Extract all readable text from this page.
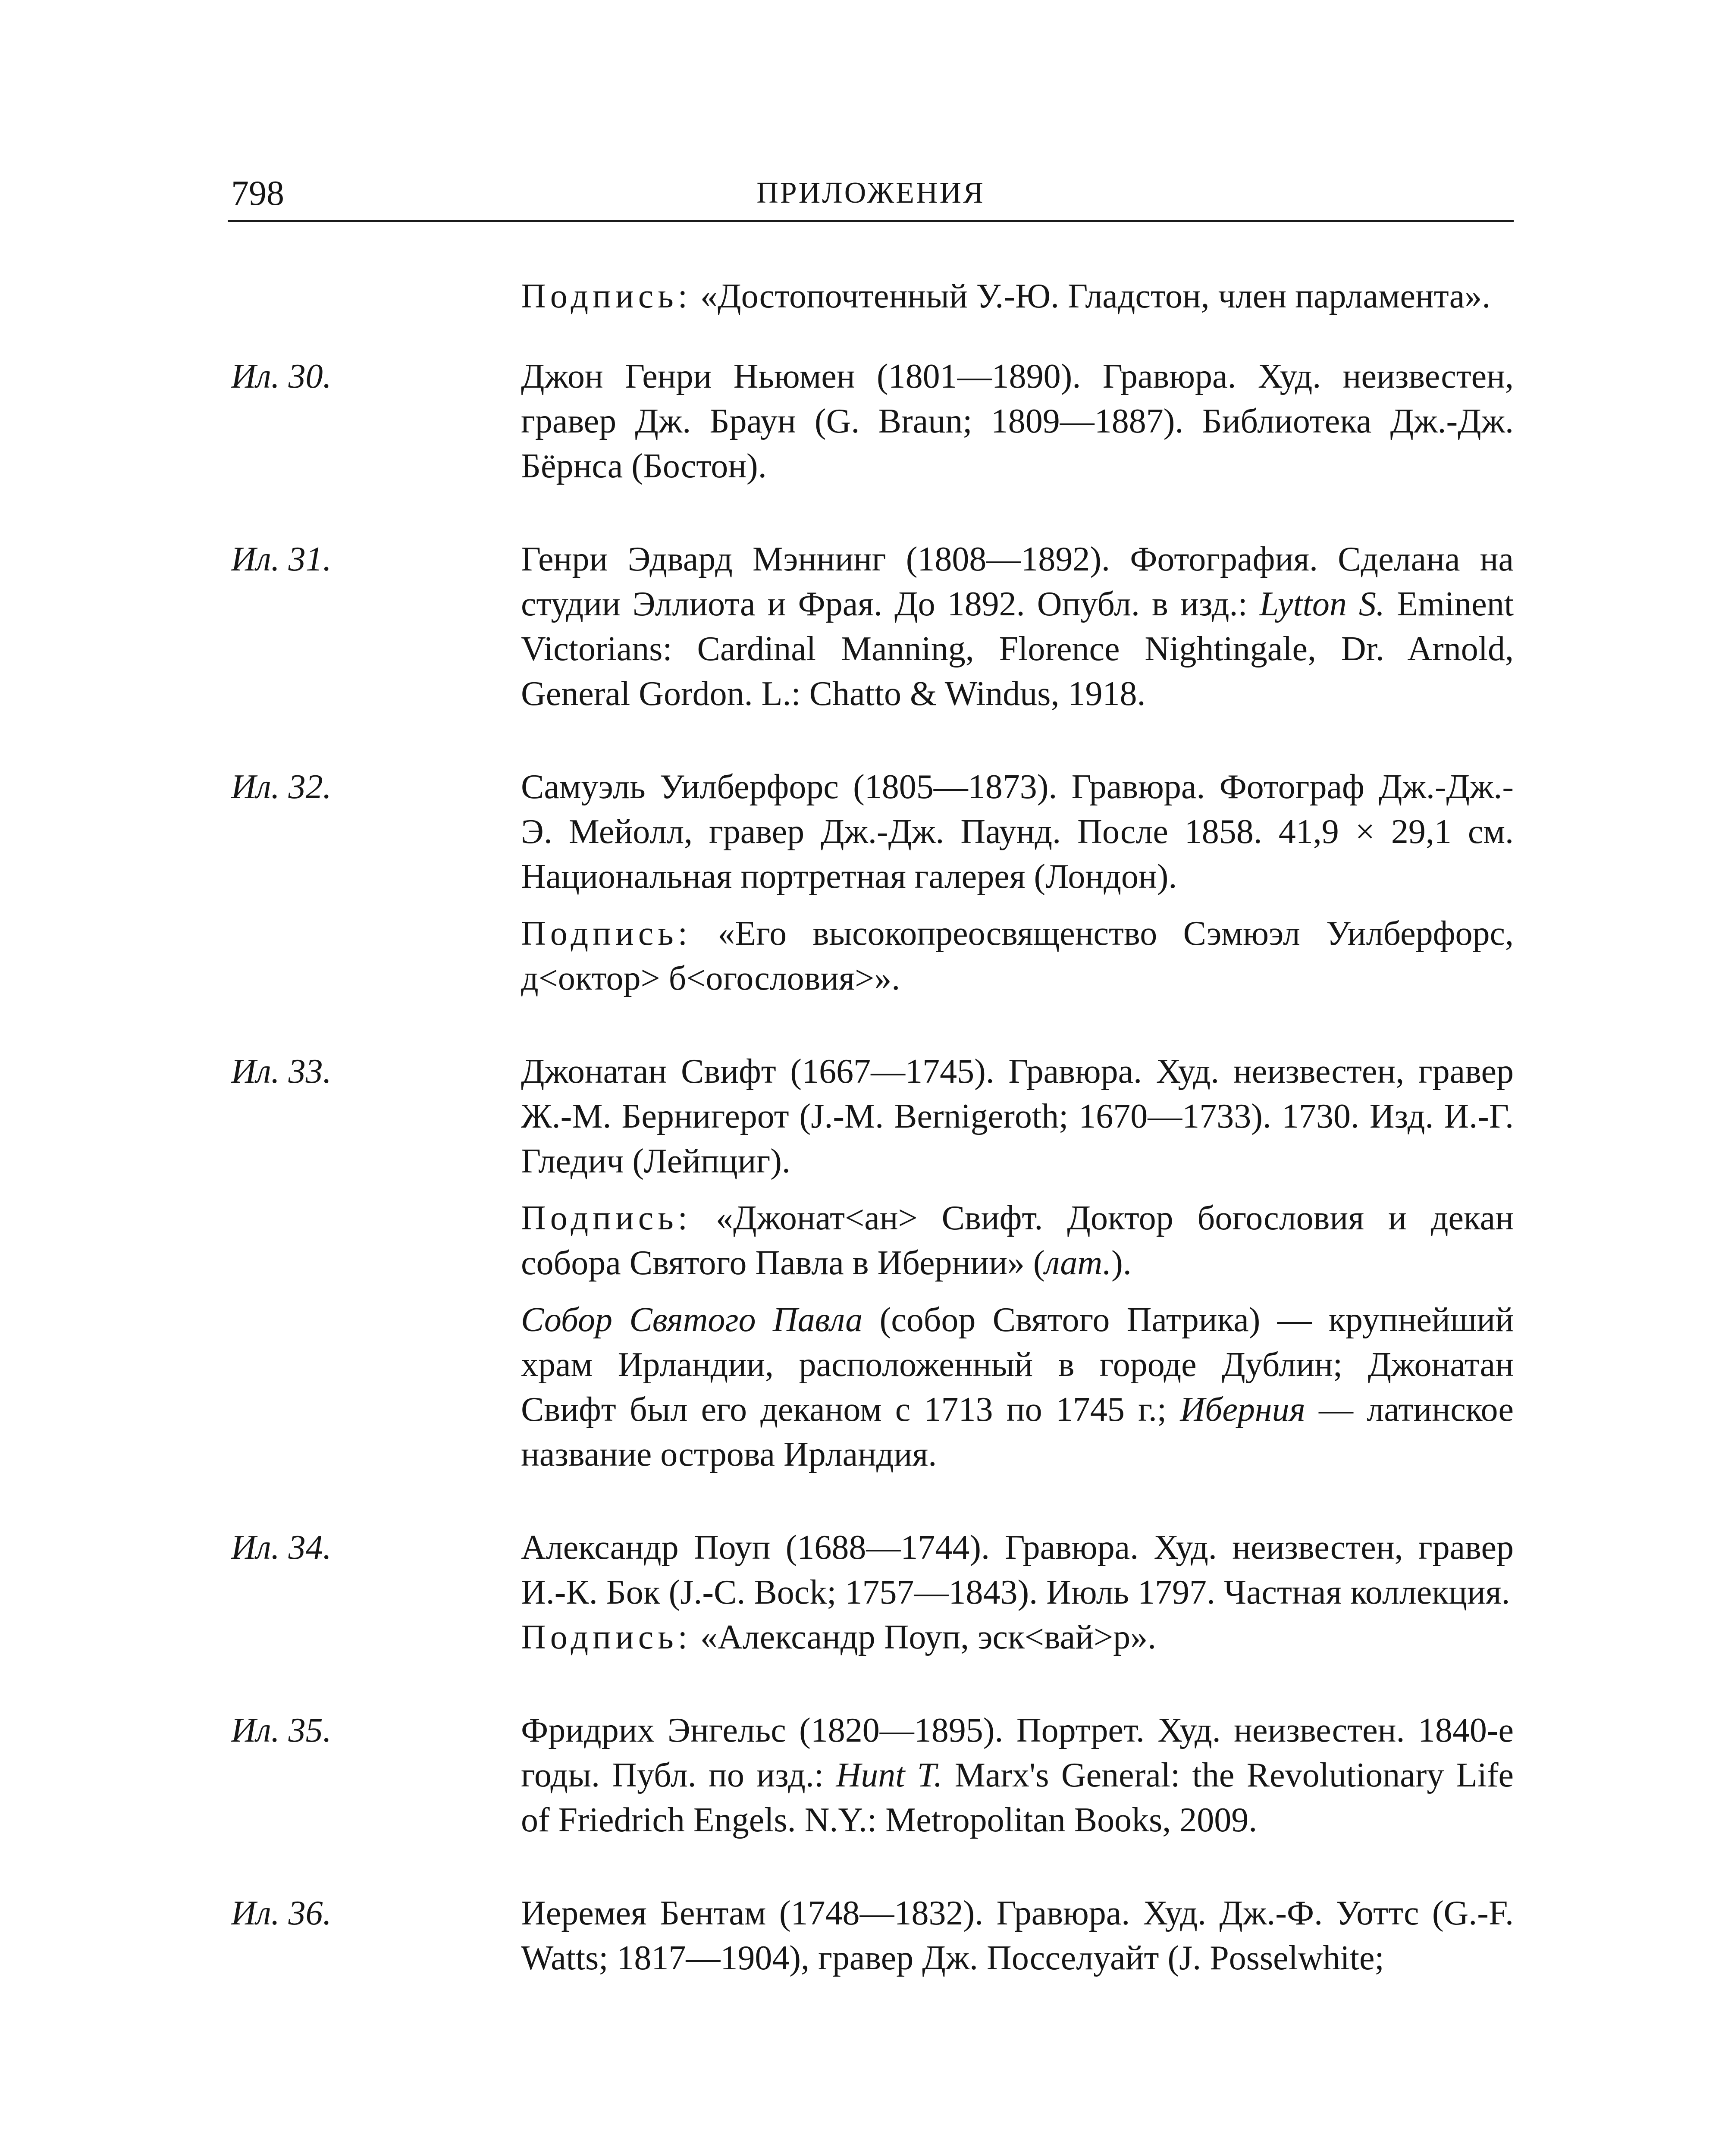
798	ПРИЛОЖЕНИЯ

Подпись: «Достопочтенный У.-Ю. Гладстон, член парламента».

Ил. 30.	Джон Генри Ньюмен (1801—1890). Гравюра. Худ. неизвестен, гравер Дж. Браун (G. Braun; 1809—1887). Библиотека Дж.-Дж. Бёрнса (Бостон).

Ил. 31.	Генри Эдвард Мэннинг (1808—1892). Фотография. Сделана на студии Эллиота и Фрая. До 1892. Опубл. в изд.: Lytton S. Eminent Victorians: Cardinal Manning, Florence Nightingale, Dr. Arnold, General Gordon. L.: Chatto & Windus, 1918.

Ил. 32.	Самуэль Уилберфорс (1805—1873). Гравюра. Фотограф Дж.-Дж.-Э. Мейолл, гравер Дж.-Дж. Паунд. После 1858. 41,9 × 29,1 см. Национальная портретная галерея (Лондон).

Подпись: «Его высокопреосвященство Сэмюэл Уилберфорс, д<октор> б<огословия>».

Ил. 33.	Джонатан Свифт (1667—1745). Гравюра. Худ. неизвестен, гравер Ж.-М. Бернигерот (J.-M. Bernigeroth; 1670—1733). 1730. Изд. И.-Г. Гледич (Лейпциг).

Подпись: «Джонат<ан> Свифт. Доктор богословия и декан собора Святого Павла в Ибернии» (лат.).

Собор Святого Павла (собор Святого Патрика) — крупнейший храм Ирландии, расположенный в городе Дублин; Джонатан Свифт был его деканом с 1713 по 1745 г.; Иберния — латинское название острова Ирландия.

Ил. 34.	Александр Поуп (1688—1744). Гравюра. Худ. неизвестен, гравер И.-К. Бок (J.-C. Bock; 1757—1843). Июль 1797. Частная коллекция.

Подпись: «Александр Поуп, эск<вай>р».

Ил. 35.	Фридрих Энгельс (1820—1895). Портрет. Худ. неизвестен. 1840-е годы. Публ. по изд.: Hunt T. Marx's General: the Revolutionary Life of Friedrich Engels. N.Y.: Metropolitan Books, 2009.

Ил. 36.	Иеремея Бентам (1748—1832). Гравюра. Худ. Дж.-Ф. Уоттс (G.-F. Watts; 1817—1904), гравер Дж. Посселуайт (J. Posselwhite;
